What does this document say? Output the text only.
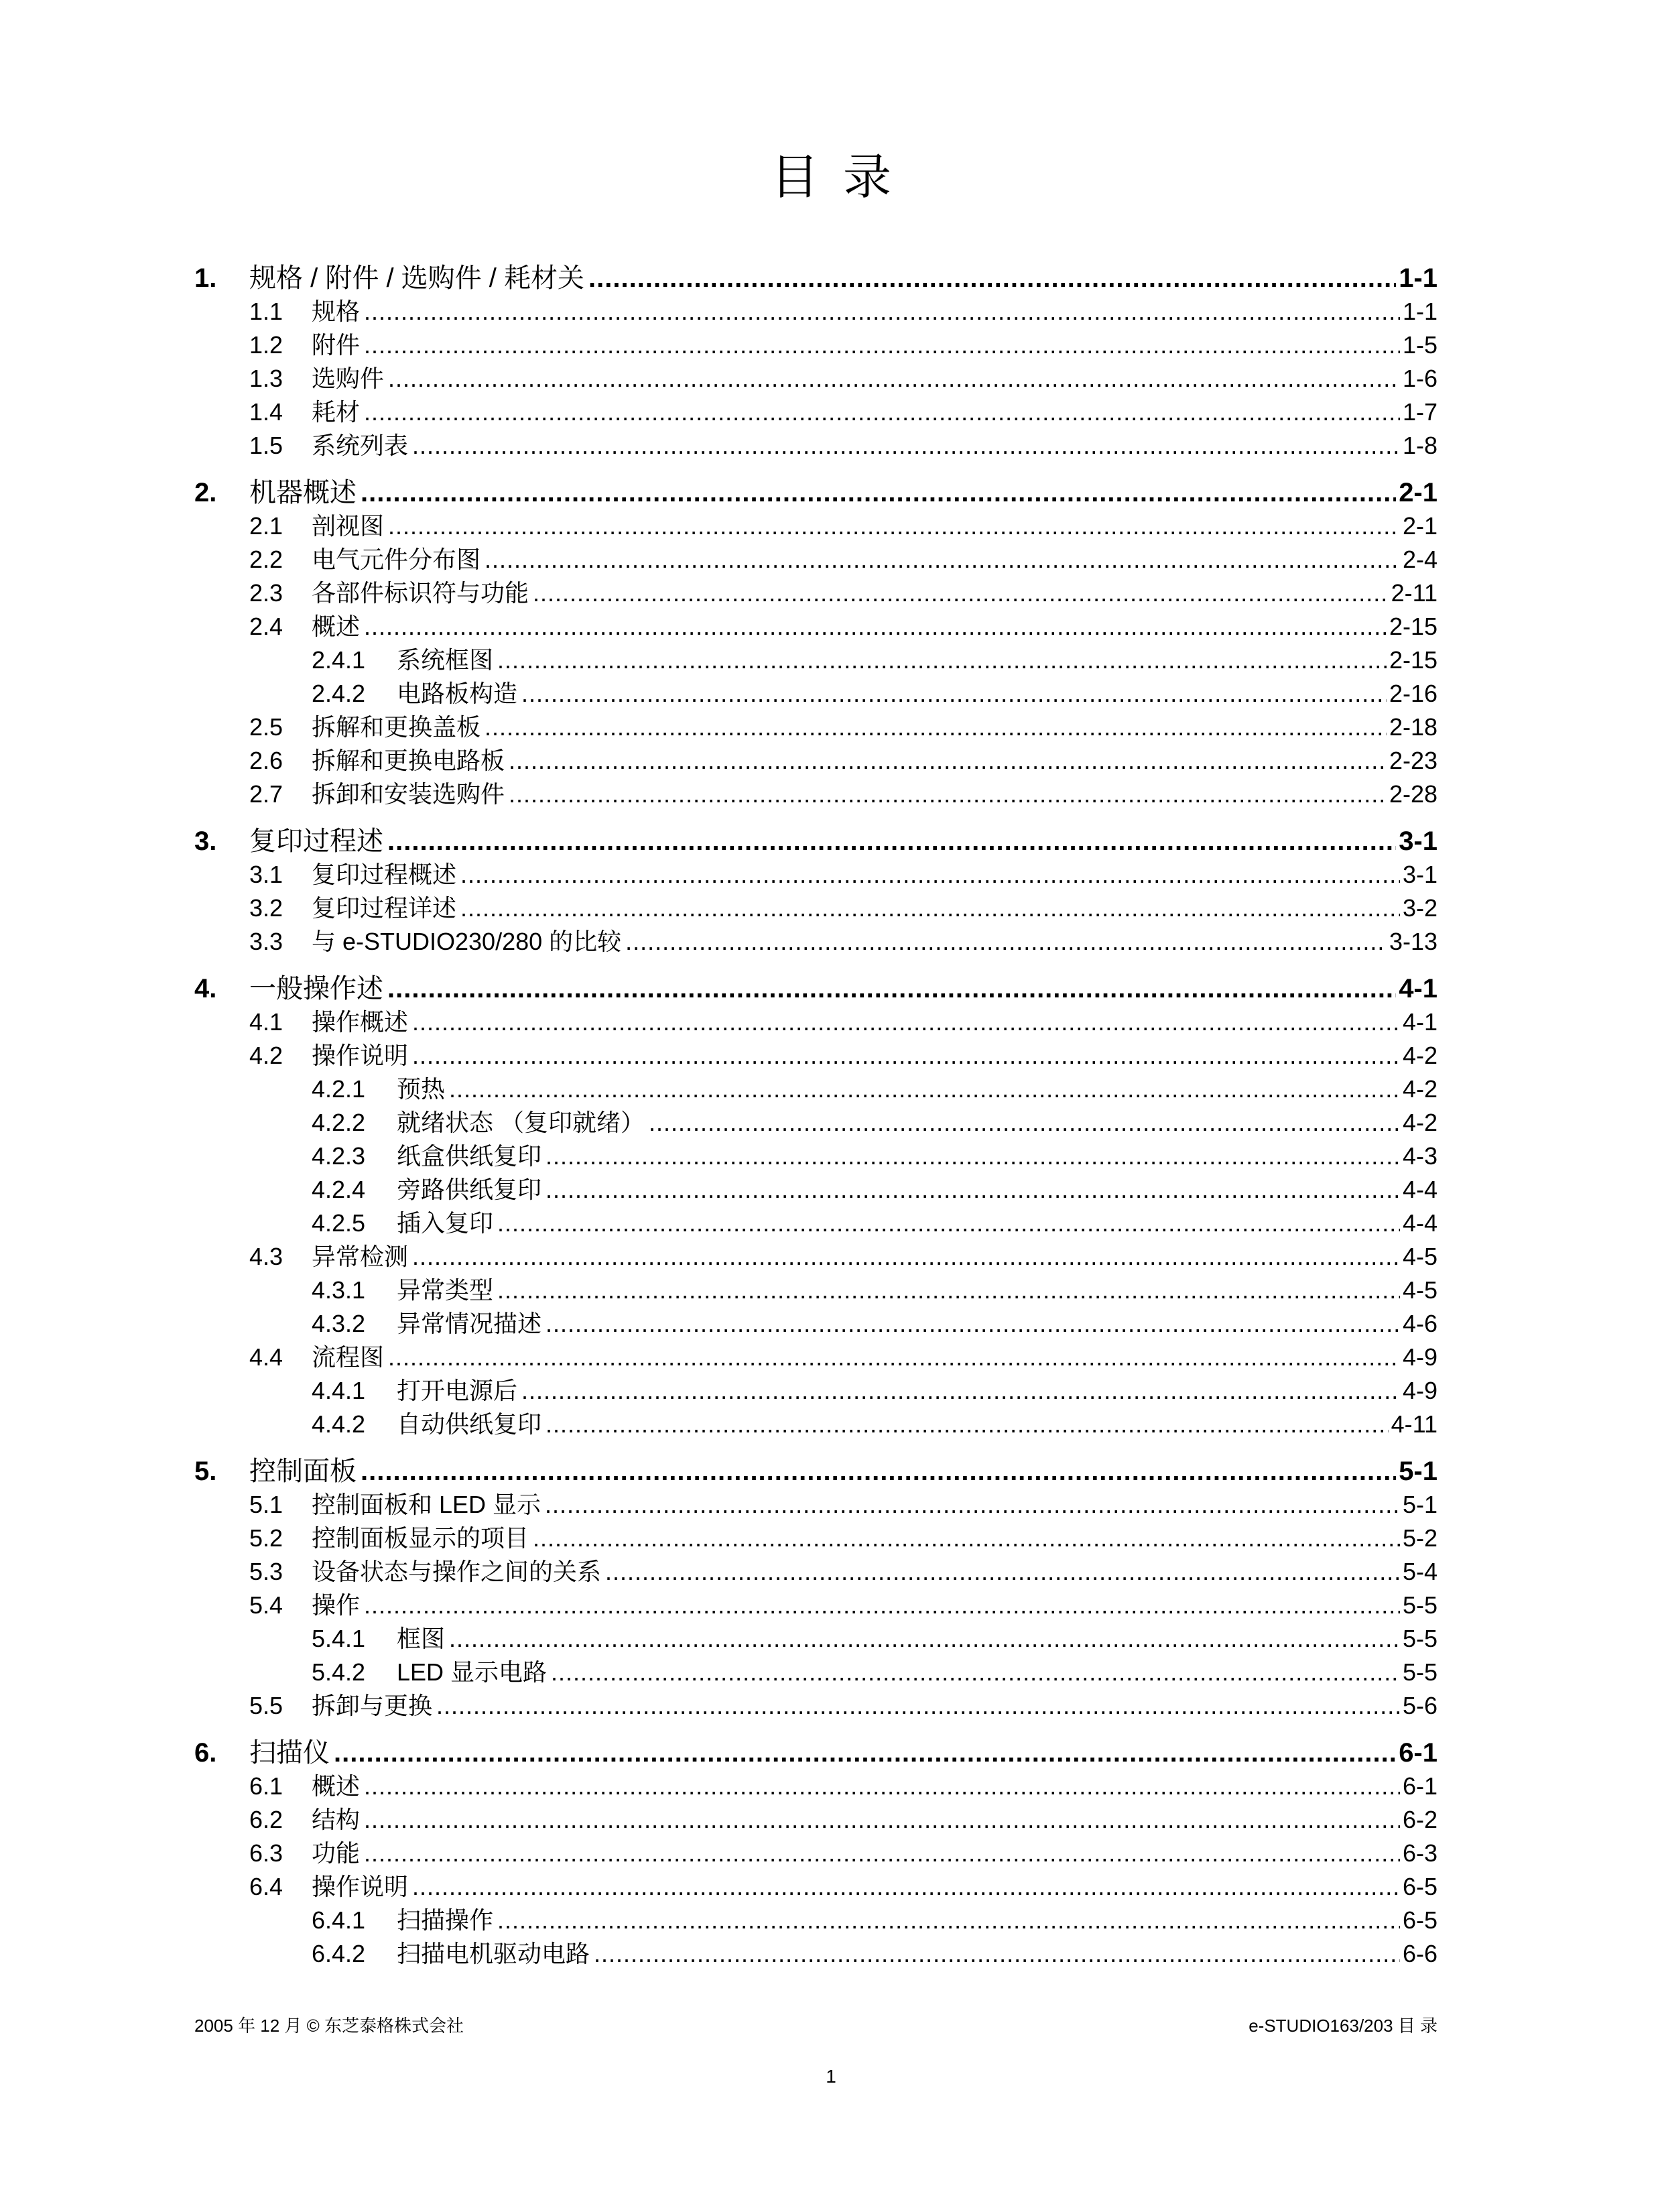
目录
1.	规格 / 附件 / 选购件 / 耗材关 .....	1-1
1.1	规格 .....	1-1
1.2	附件 .....	1-5
1.3	选购件 .....	1-6
1.4	耗材 .....	1-7
1.5	系统列表 .....	1-8
2.	机器概述 .....	2-1
2.1	剖视图 .....	2-1
2.2	电气元件分布图 .....	2-4
2.3	各部件标识符与功能 .....	2-11
2.4	概述 .....	2-15
2.4.1	系统框图 .....	2-15
2.4.2	电路板构造 .....	2-16
2.5	拆解和更换盖板 .....	2-18
2.6	拆解和更换电路板 .....	2-23
2.7	拆卸和安装选购件 .....	2-28
3.	复印过程述 .....	3-1
3.1	复印过程概述 .....	3-1
3.2	复印过程详述 .....	3-2
3.3	与 e-STUDIO230/280 的比较 .....	3-13
4.	一般操作述 .....	4-1
4.1	操作概述 .....	4-1
4.2	操作说明 .....	4-2
4.2.1	预热 .....	4-2
4.2.2	就绪状态 （复印就绪） .....	4-2
4.2.3	纸盒供纸复印 .....	4-3
4.2.4	旁路供纸复印 .....	4-4
4.2.5	插入复印 .....	4-4
4.3	异常检测 .....	4-5
4.3.1	异常类型 .....	4-5
4.3.2	异常情况描述 .....	4-6
4.4	流程图 .....	4-9
4.4.1	打开电源后 .....	4-9
4.4.2	自动供纸复印 .....	4-11
5.	控制面板 .....	5-1
5.1	控制面板和 LED 显示 .....	5-1
5.2	控制面板显示的项目 .....	5-2
5.3	设备状态与操作之间的关系 .....	5-4
5.4	操作 .....	5-5
5.4.1	框图 .....	5-5
5.4.2	LED 显示电路 .....	5-5
5.5	拆卸与更换 .....	5-6
6.	扫描仪 .....	6-1
6.1	概述 .....	6-1
6.2	结构 .....	6-2
6.3	功能 .....	6-3
6.4	操作说明 .....	6-5
6.4.1	扫描操作 .....	6-5
6.4.2	扫描电机驱动电路 .....	6-6
2005 年 12 月 © 东芝泰格株式会社	e-STUDIO163/203 目 录
1
